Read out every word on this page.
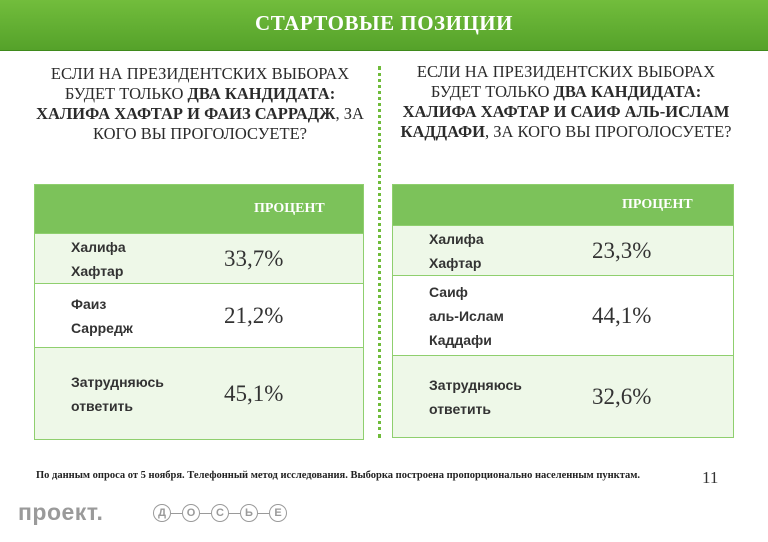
СТАРТОВЫЕ ПОЗИЦИИ
ЕСЛИ НА ПРЕЗИДЕНТСКИХ ВЫБОРАХ БУДЕТ ТОЛЬКО ДВА КАНДИДАТА: ХАЛИФА ХАФТАР И ФАИЗ САРРАДЖ, ЗА КОГО ВЫ ПРОГОЛОСУЕТЕ?
ЕСЛИ НА ПРЕЗИДЕНТСКИХ ВЫБОРАХ БУДЕТ ТОЛЬКО ДВА КАНДИДАТА: ХАЛИФА ХАФТАР И САИФ АЛЬ-ИСЛАМ КАДДАФИ, ЗА КОГО ВЫ ПРОГОЛОСУЕТЕ?
	ПРОЦЕНТ
Халифа
Хафтар	33,7%
Фаиз
Сарредж	21,2%
Затрудняюсь
ответить	45,1%
	ПРОЦЕНТ
Халифа
Хафтар	23,3%
Саиф
аль-Ислам
Каддафи	44,1%
Затрудняюсь
ответить	32,6%
По данным опроса от 5 ноября. Телефонный метод исследования. Выборка построена пропорционально населенным пунктам.	11
проект.	Д	О	С	Ь	Е
